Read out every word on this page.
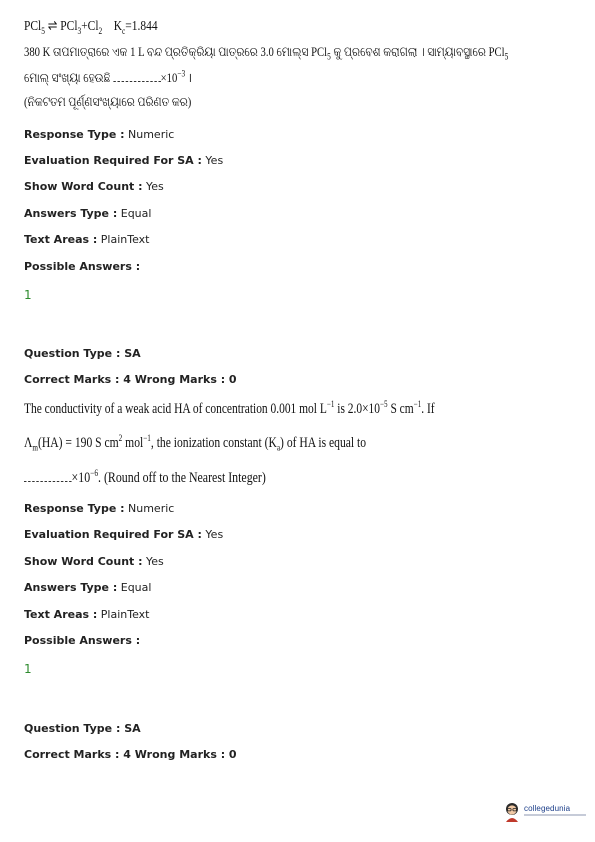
PCl$_5$ ⇌ $PCl_3+Cl_2$ $K_c=1.844$
380 K ତାପମାତ୍ରାରେ ଏକ 1 L ବନ୍ଦ ପ୍ରତିକ୍ରିୟା ପାତ୍ରରେ 3.0 ମୋଲ୍ସ PCl$_5$ କୁ ପ୍ରବେଶ କରାଗଲା । ସାମ୍ୟାବସ୍ଥାରେ PCl$_5$
ମୋଲ୍ ସଂଖ୍ୟା ହେଉଛି	$\times 10^{-3}$ ।
(ନିକଟତମ ପୂର୍ଣ୍ଣସଂଖ୍ୟାରେ ପରିଣତ କର)
Response Type : Numeric
Evaluation Required For SA : Yes
Show Word Count : Yes
Answers Type : Equal
Text Areas : PlainText
Possible Answers :
1
Question Type : SA
Correct Marks : 4 Wrong Marks : 0
The conductivity of a weak acid HA of concentration 0.001 mol $L^{-1}$ is $2.0\times 10^{-5}$ S $cm^{-1}$. If
$\Lambda_m(HA) = 190$ S $cm^2$ mol$^{-1}$, the ionization constant $(K_a)$ of HA is equal to
$\times 10^{-6}$. (Round off to the Nearest Integer)
Response Type : Numeric
Evaluation Required For SA : Yes
Show Word Count : Yes
Answers Type : Equal
Text Areas : PlainText
Possible Answers :
1
Question Type : SA
Correct Marks : 4 Wrong Marks : 0
collegedunia
